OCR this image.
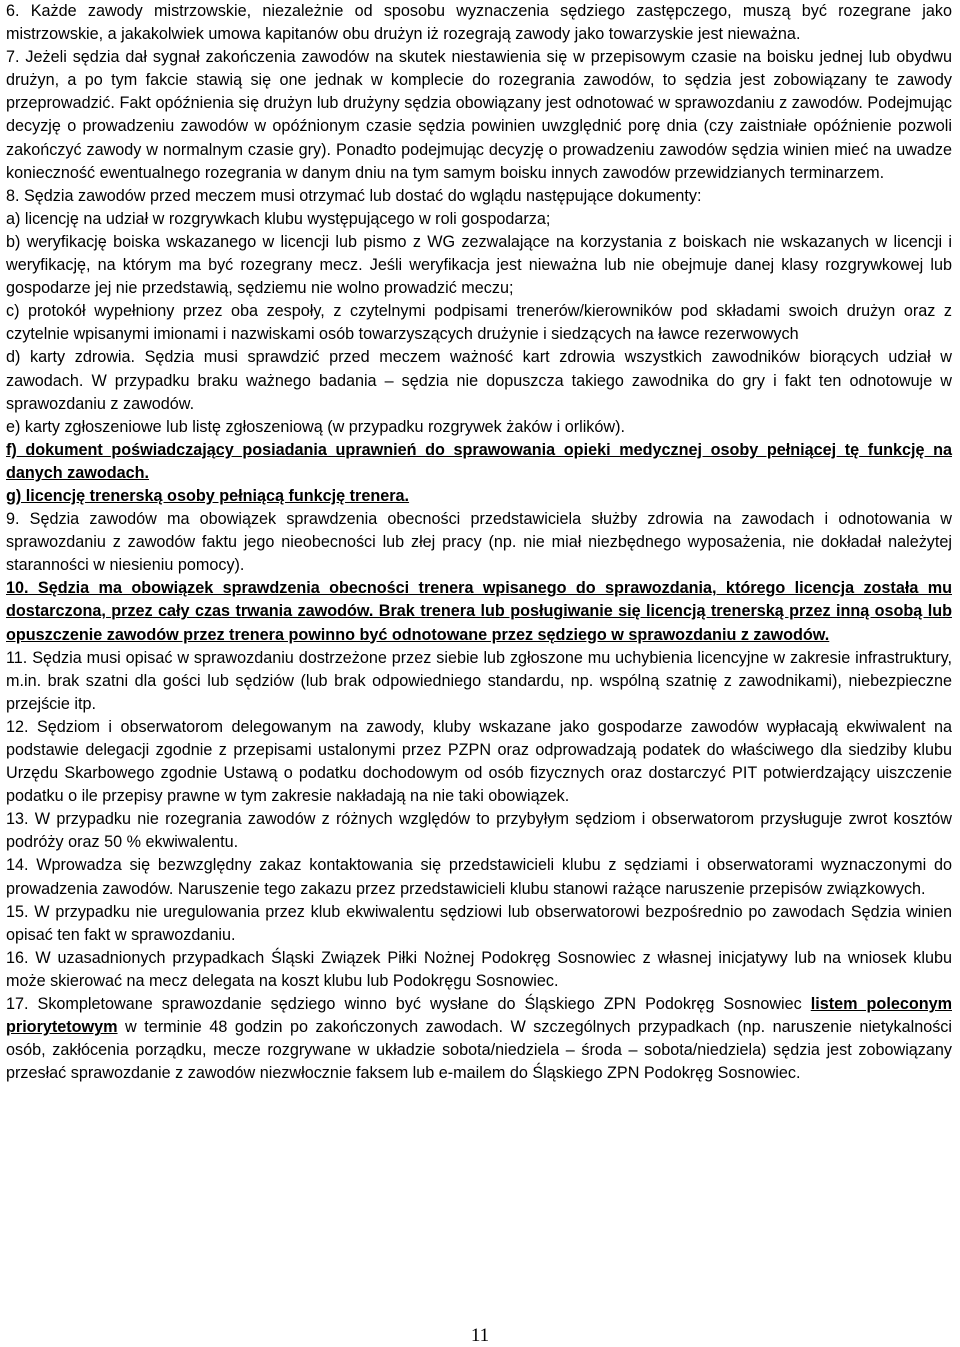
6. Każde zawody mistrzowskie, niezależnie od sposobu wyznaczenia sędziego zastępczego, muszą być rozegrane jako mistrzowskie, a jakakolwiek umowa kapitanów obu drużyn iż rozegrają zawody jako towarzyskie jest nieważna.

7. Jeżeli sędzia dał sygnał zakończenia zawodów na skutek niestawienia się w przepisowym czasie na boisku jednej lub obydwu drużyn, a po tym fakcie stawią się one jednak w komplecie do rozegrania zawodów, to sędzia jest zobowiązany te zawody przeprowadzić. Fakt opóźnienia się drużyn lub drużyny sędzia obowiązany jest odnotować w sprawozdaniu z zawodów. Podejmując decyzję o prowadzeniu zawodów w opóźnionym czasie sędzia powinien uwzględnić porę dnia (czy zaistniałe opóźnienie pozwoli zakończyć zawody w normalnym czasie gry). Ponadto podejmując decyzję o prowadzeniu zawodów sędzia winien mieć na uwadze konieczność ewentualnego rozegrania w danym dniu na tym samym boisku innych zawodów przewidzianych terminarzem.

8. Sędzia zawodów przed meczem musi otrzymać lub dostać do wglądu następujące dokumenty:

a) licencję na udział w rozgrywkach klubu występującego w roli gospodarza;

b) weryfikację boiska wskazanego w licencji lub pismo z WG zezwalające na korzystania z boiskach nie wskazanych w licencji i weryfikację, na którym ma być rozegrany mecz. Jeśli weryfikacja jest nieważna lub nie obejmuje danej klasy rozgrywkowej lub gospodarze jej nie przedstawią, sędziemu nie wolno prowadzić meczu;

c) protokół wypełniony przez oba zespoły, z czytelnymi podpisami trenerów/kierowników pod składami swoich drużyn oraz z czytelnie wpisanymi imionami i nazwiskami osób towarzyszących drużynie i siedzących na ławce rezerwowych

d) karty zdrowia. Sędzia musi sprawdzić przed meczem ważność kart zdrowia wszystkich zawodników biorących udział w zawodach. W przypadku braku ważnego badania – sędzia nie dopuszcza takiego zawodnika do gry i fakt ten odnotowuje w sprawozdaniu z zawodów.

e) karty zgłoszeniowe lub listę zgłoszeniową (w przypadku rozgrywek żaków i orlików).

f) dokument poświadczający posiadania uprawnień do sprawowania opieki medycznej osoby pełniącej tę funkcję na danych zawodach.

g) licencję trenerską osoby pełniącą funkcję trenera.

9. Sędzia zawodów ma obowiązek sprawdzenia obecności przedstawiciela służby zdrowia na zawodach i odnotowania w sprawozdaniu z zawodów faktu jego nieobecności lub złej pracy (np. nie miał niezbędnego wyposażenia, nie dokładał należytej staranności w niesieniu pomocy).

10. Sędzia ma obowiązek sprawdzenia obecności trenera wpisanego do sprawozdania, którego licencja została mu dostarczona, przez cały czas trwania zawodów. Brak trenera lub posługiwanie się licencją trenerską przez inną osobą lub opuszczenie zawodów przez trenera powinno być odnotowane przez sędziego w sprawozdaniu z zawodów.

11. Sędzia musi opisać w sprawozdaniu dostrzeżone przez siebie lub zgłoszone mu uchybienia licencyjne w zakresie infrastruktury, m.in. brak szatni dla gości lub sędziów (lub brak odpowiedniego standardu, np. wspólną szatnię z zawodnikami), niebezpieczne przejście itp.

12. Sędziom i obserwatorom delegowanym na zawody, kluby wskazane jako gospodarze zawodów wypłacają ekwiwalent na podstawie delegacji zgodnie z przepisami ustalonymi przez PZPN oraz odprowadzają podatek do właściwego dla siedziby klubu Urzędu Skarbowego zgodnie Ustawą o podatku dochodowym od osób fizycznych oraz dostarczyć PIT potwierdzający uiszczenie podatku o ile przepisy prawne w tym zakresie nakładają na nie taki obowiązek.

13. W przypadku nie rozegrania zawodów z różnych względów to przybyłym sędziom i obserwatorom przysługuje zwrot kosztów podróży oraz 50 % ekwiwalentu.

14. Wprowadza się bezwzględny zakaz kontaktowania się przedstawicieli klubu z sędziami i obserwatorami wyznaczonymi do prowadzenia zawodów. Naruszenie tego zakazu przez przedstawicieli klubu stanowi rażące naruszenie przepisów związkowych.

15. W przypadku nie uregulowania przez klub ekwiwalentu sędziowi lub obserwatorowi bezpośrednio po zawodach Sędzia winien opisać ten fakt w sprawozdaniu.

16. W uzasadnionych przypadkach Śląski Związek Piłki Nożnej Podokręg Sosnowiec z własnej inicjatywy lub na wniosek klubu może skierować na mecz delegata na koszt klubu lub Podokręgu Sosnowiec.

17. Skompletowane sprawozdanie sędziego winno być wysłane do Śląskiego ZPN Podokręg Sosnowiec listem poleconym priorytetowym w terminie 48 godzin po zakończonych zawodach. W szczególnych przypadkach (np. naruszenie nietykalności osób, zakłócenia porządku, mecze rozgrywane w układzie sobota/niedziela – środa – sobota/niedziela) sędzia jest zobowiązany przesłać sprawozdanie z zawodów niezwłocznie faksem lub e-mailem do Śląskiego ZPN Podokręg Sosnowiec.

11
